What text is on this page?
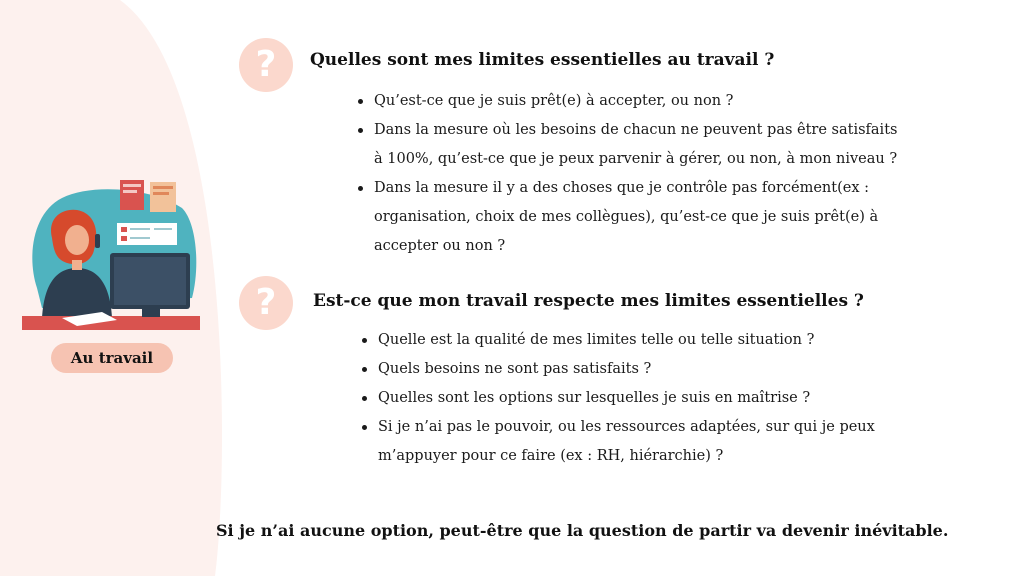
Au travail
?	Quelles sont mes limites essentielles au travail ?
Qu’est-ce que je suis prêt(e) à accepter, ou non ?
Dans la mesure où les besoins de chacun ne peuvent pas être satisfaits
à 100%, qu’est-ce que je peux parvenir à gérer, ou non, à mon niveau ?
Dans la mesure il y a des choses que je contrôle pas forcément(ex :
organisation, choix de mes collègues), qu’est-ce que je suis prêt(e) à
accepter ou non ?
?	Est-ce que mon travail respecte mes limites essentielles ?
Quelle est la qualité de mes limites telle ou telle situation ?
Quels besoins ne sont pas satisfaits ?
Quelles sont les options sur lesquelles je suis en maîtrise ?
Si je n’ai pas le pouvoir, ou les ressources adaptées, sur qui je peux
m’appuyer pour ce faire (ex : RH, hiérarchie) ?
Si je n’ai aucune option, peut-être que la question de partir va devenir inévitable.
